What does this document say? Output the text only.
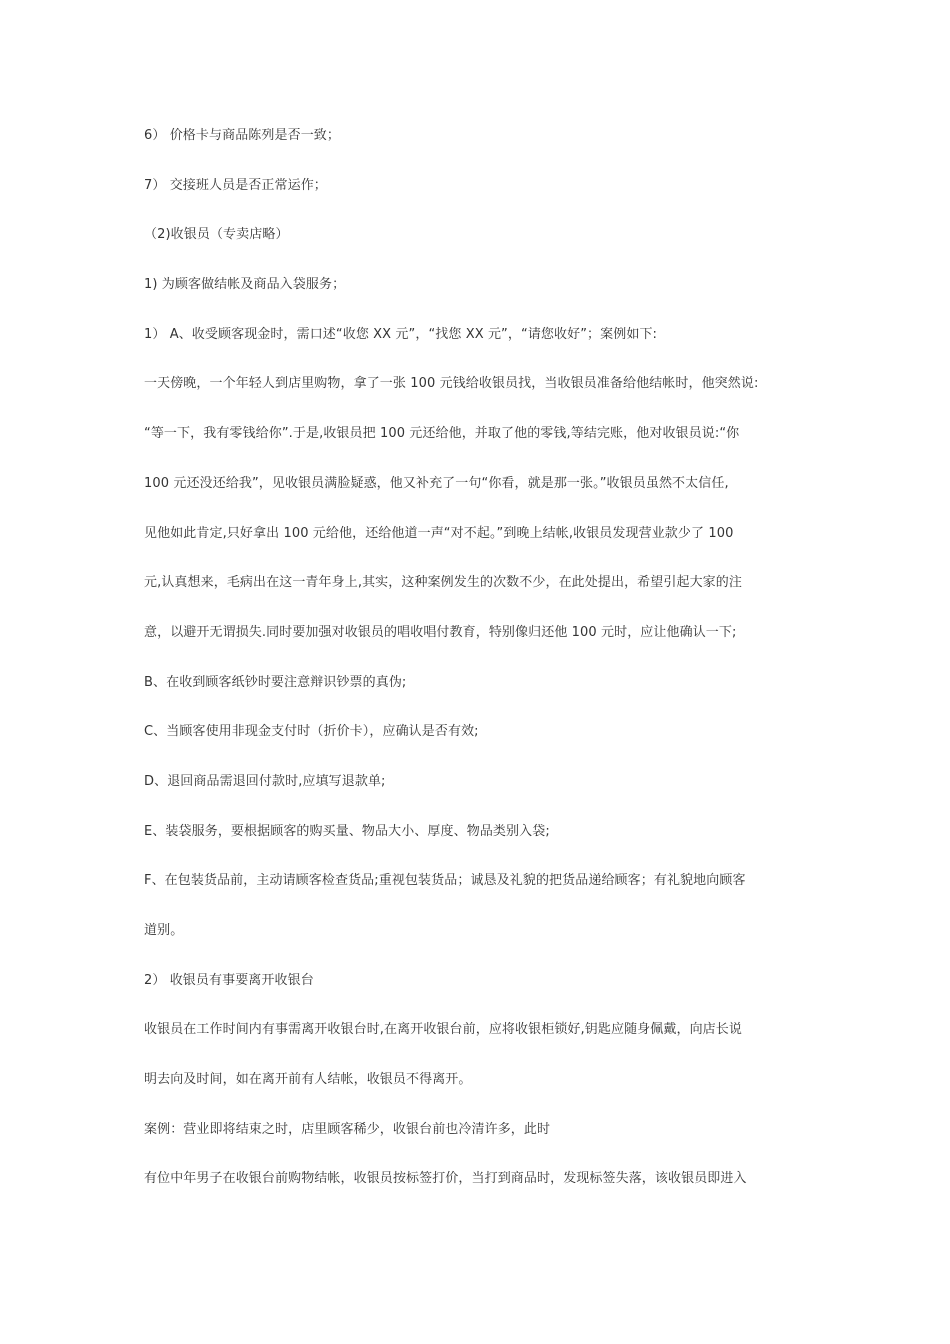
6） 价格卡与商品陈列是否一致；
7） 交接班人员是否正常运作；
（2)收银员（专卖店略）
1) 为顾客做结帐及商品入袋服务；
1） A、收受顾客现金时，需口述“收您 XX 元”，“找您 XX 元”，“请您收好”；案例如下:
一天傍晚，一个年轻人到店里购物，拿了一张 100 元钱给收银员找，当收银员准备给他结帐时，他突然说:
“等一下，我有零钱给你”.于是,收银员把 100 元还给他，并取了他的零钱,等结完账，他对收银员说:“你
100 元还没还给我”，见收银员满脸疑惑，他又补充了一句“你看，就是那一张。”收银员虽然不太信任,
见他如此肯定,只好拿出 100 元给他，还给他道一声“对不起。”到晚上结帐,收银员发现营业款少了 100
元,认真想来，毛病出在这一青年身上,其实，这种案例发生的次数不少，在此处提出，希望引起大家的注
意，以避开无谓损失.同时要加强对收银员的唱收唱付教育，特别像归还他 100 元时，应让他确认一下;
B、在收到顾客纸钞时要注意辩识钞票的真伪;
C、当顾客使用非现金支付时（折价卡），应确认是否有效;
D、退回商品需退回付款时,应填写退款单;
E、装袋服务，要根据顾客的购买量、物品大小、厚度、物品类别入袋;
F、在包装货品前，主动请顾客检查货品;重视包装货品；诚恳及礼貌的把货品递给顾客；有礼貌地向顾客
道别。
2） 收银员有事要离开收银台
收银员在工作时间内有事需离开收银台时,在离开收银台前，应将收银柜锁好,钥匙应随身佩戴，向店长说
明去向及时间，如在离开前有人结帐，收银员不得离开。
案例：营业即将结束之时，店里顾客稀少，收银台前也冷清许多，此时
有位中年男子在收银台前购物结帐，收银员按标签打价，当打到商品时，发现标签失落，该收银员即进入
